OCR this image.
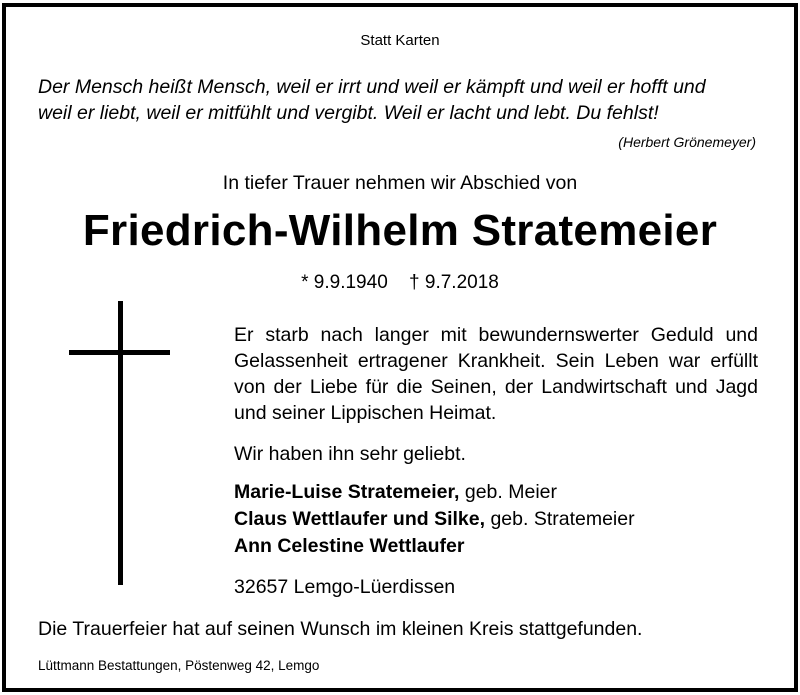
Statt Karten
Der Mensch heißt Mensch, weil er irrt und weil er kämpft und weil er hofft und
weil er liebt, weil er mitfühlt und vergibt. Weil er lacht und lebt. Du fehlst!
(Herbert Grönemeyer)
In tiefer Trauer nehmen wir Abschied von
Friedrich-Wilhelm Stratemeier
* 9.9.1940 † 9.7.2018
Er starb nach langer mit bewundernswerter Geduld und Gelassenheit ertragener Krankheit. Sein Leben war erfüllt von der Liebe für die Seinen, der Landwirtschaft und Jagd und seiner Lippischen Heimat.
Wir haben ihn sehr geliebt.
Marie-Luise Stratemeier, geb. Meier
Claus Wettlaufer und Silke, geb. Stratemeier
Ann Celestine Wettlaufer
32657 Lemgo-Lüerdissen
Die Trauerfeier hat auf seinen Wunsch im kleinen Kreis stattgefunden.
Lüttmann Bestattungen, Pöstenweg 42, Lemgo
